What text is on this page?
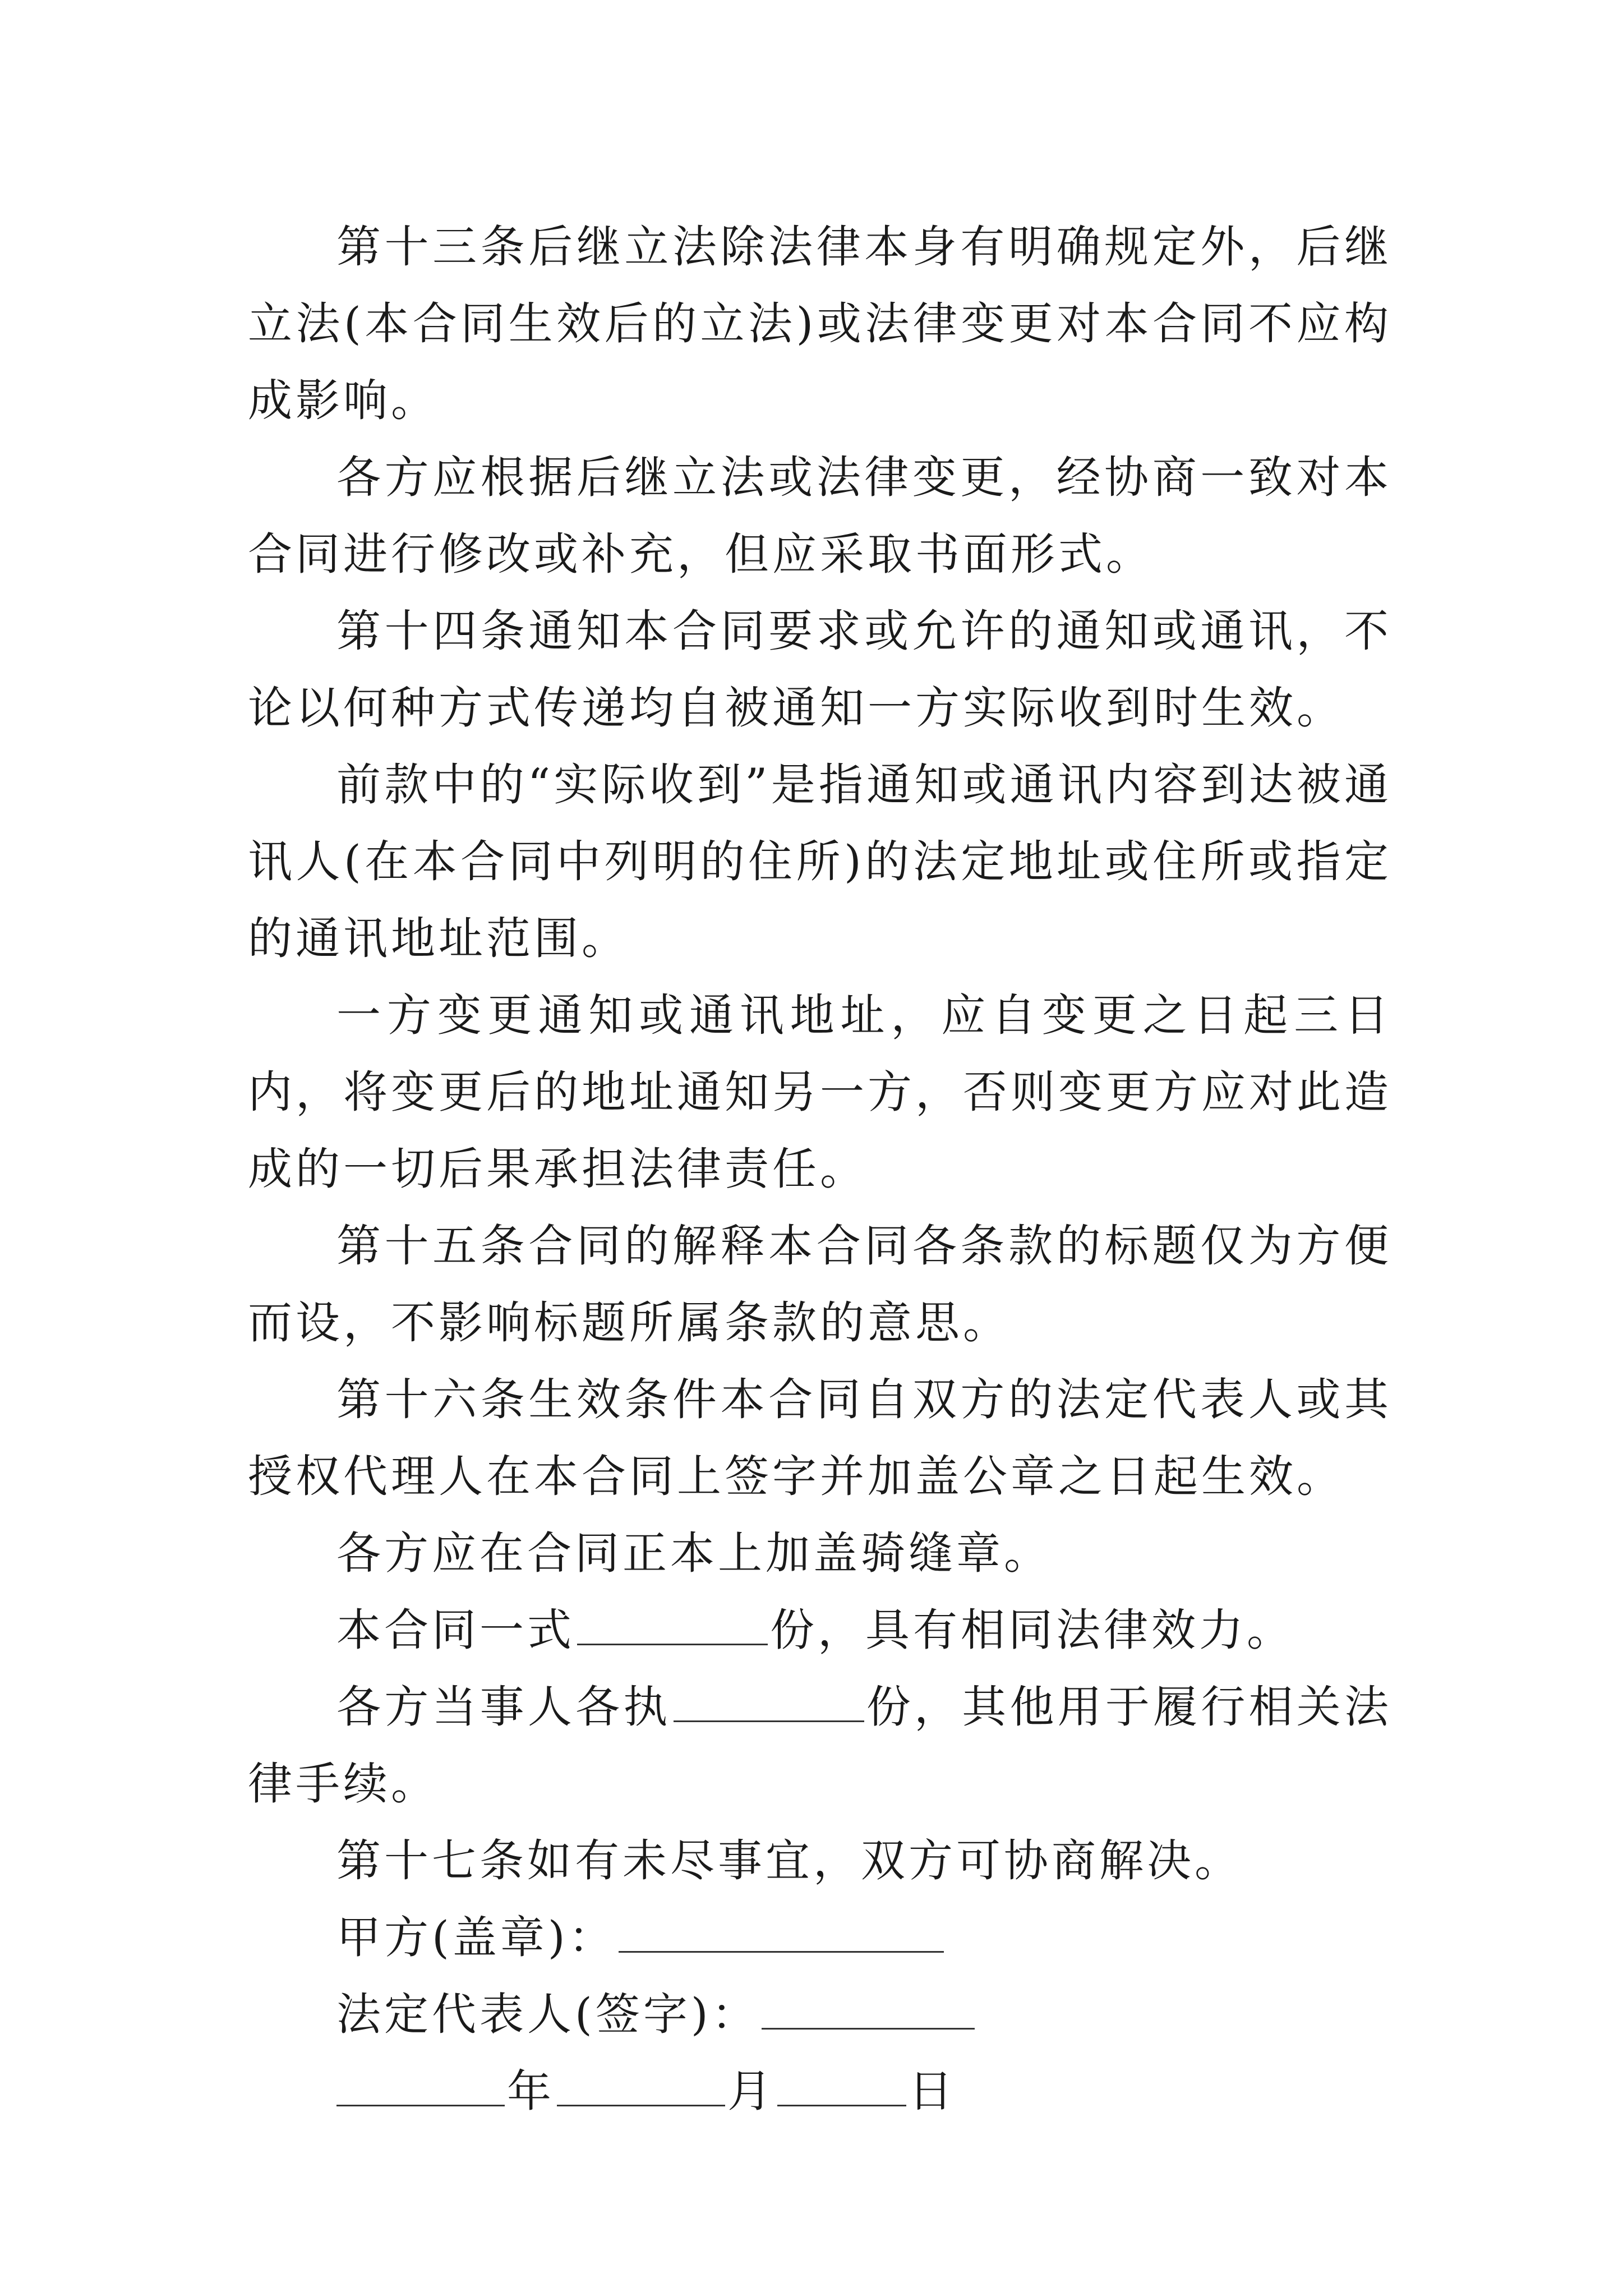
第十三条后继立法除法律本身有明确规定外，后继立法(本合同生效后的立法)或法律变更对本合同不应构成影响。

各方应根据后继立法或法律变更，经协商一致对本合同进行修改或补充，但应采取书面形式。

第十四条通知本合同要求或允许的通知或通讯，不论以何种方式传递均自被通知一方实际收到时生效。

前款中的“实际收到”是指通知或通讯内容到达被通讯人(在本合同中列明的住所)的法定地址或住所或指定的通讯地址范围。

一方变更通知或通讯地址，应自变更之日起三日内，将变更后的地址通知另一方，否则变更方应对此造成的一切后果承担法律责任。

第十五条合同的解释本合同各条款的标题仅为方便而设，不影响标题所属条款的意思。

第十六条生效条件本合同自双方的法定代表人或其授权代理人在本合同上签字并加盖公章之日起生效。

各方应在合同正本上加盖骑缝章。

本合同一式	份，具有相同法律效力。

各方当事人各执	份，其他用于履行相关法律手续。

第十七条如有未尽事宜，双方可协商解决。

甲方(盖章)：

法定代表人(签字)：

年	月	日
